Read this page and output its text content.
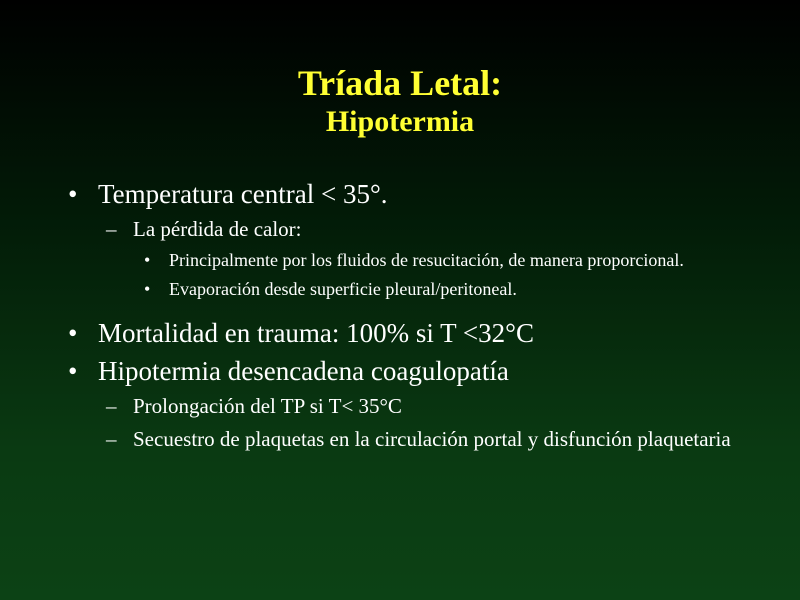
Tríada Letal:
Hipotermia
• Temperatura central < 35°.
– La pérdida de calor:
• Principalmente por los fluidos de resucitación, de manera proporcional.
• Evaporación desde superficie pleural/peritoneal.
• Mortalidad en trauma: 100% si T <32°C
• Hipotermia desencadena coagulopatía
– Prolongación del TP si T< 35°C
– Secuestro de plaquetas en la circulación portal y disfunción plaquetaria
